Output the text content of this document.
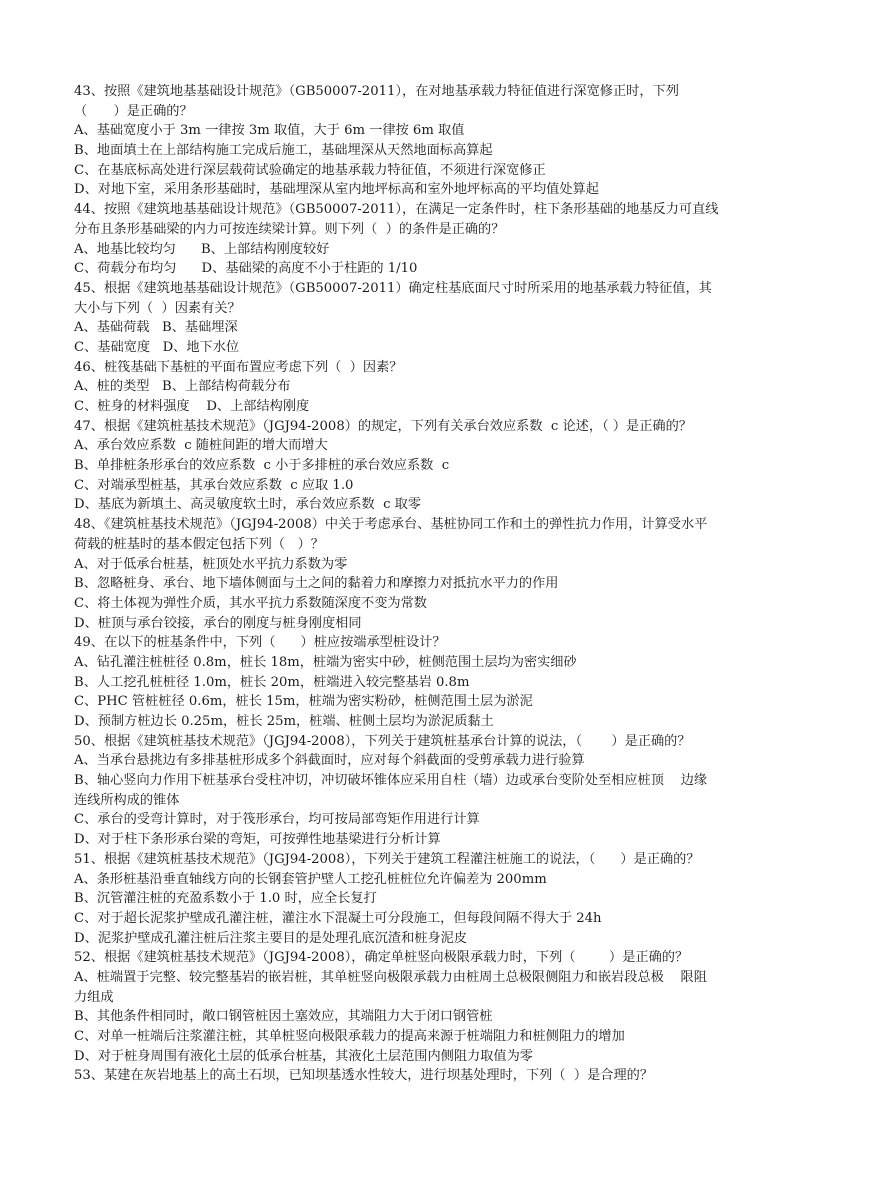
43、按照《建筑地基基础设计规范》（GB50007-2011），在对地基承载力特征值进行深宽修正时，下列
（　　）是正确的？
A、基础宽度小于 3m 一律按 3m 取值，大于 6m 一律按 6m 取值
B、地面填土在上部结构施工完成后施工，基础埋深从天然地面标高算起
C、在基底标高处进行深层载荷试验确定的地基承载力特征值，不须进行深宽修正
D、对地下室，采用条形基础时，基础埋深从室内地坪标高和室外地坪标高的平均值处算起
44、按照《建筑地基基础设计规范》（GB50007-2011），在满足一定条件时，柱下条形基础的地基反力可直线
分布且条形基础梁的内力可按连续梁计算。则下列（  ）的条件是正确的？
A、地基比较均匀      B、上部结构刚度较好
C、荷载分布均匀      D、基础梁的高度不小于柱距的 1/10
45、根据《建筑地基基础设计规范》（GB50007-2011）确定柱基底面尺寸时所采用的地基承载力特征值，其
大小与下列（  ）因素有关？
A、基础荷载   B、基础埋深
C、基础宽度   D、地下水位
46、桩筏基础下基桩的平面布置应考虑下列（  ）因素？
A、桩的类型   B、上部结构荷载分布
C、桩身的材料强度    D、上部结构刚度
47、根据《建筑桩基技术规范》（JGJ94-2008）的规定，下列有关承台效应系数  c 论述，（ ）是正确的？
A、承台效应系数  c 随桩间距的增大而增大
B、单排桩条形承台的效应系数  c 小于多排桩的承台效应系数  c
C、对端承型桩基，其承台效应系数  c 应取 1.0
D、基底为新填土、高灵敏度软土时，承台效应系数  c 取零
48、《建筑桩基技术规范》（JGJ94-2008）中关于考虑承台、基桩协同工作和土的弹性抗力作用，计算受水平
荷载的桩基时的基本假定包括下列（   ）？
A、对于低承台桩基，桩顶处水平抗力系数为零
B、忽略桩身、承台、地下墙体侧面与土之间的黏着力和摩擦力对抵抗水平力的作用
C、将土体视为弹性介质，其水平抗力系数随深度不变为常数
D、桩顶与承台铰接，承台的刚度与桩身刚度相同
49、在以下的桩基条件中，下列（      ）桩应按端承型桩设计？
A、钻孔灌注桩桩径 0.8m，桩长 18m，桩端为密实中砂，桩侧范围土层均为密实细砂
B、人工挖孔桩桩径 1.0m，桩长 20m，桩端进入较完整基岩 0.8m
C、PHC 管桩桩径 0.6m，桩长 15m，桩端为密实粉砂，桩侧范围土层为淤泥
D、预制方桩边长 0.25m，桩长 25m，桩端、桩侧土层均为淤泥质黏土
50、根据《建筑桩基技术规范》（JGJ94-2008），下列关于建筑桩基承台计算的说法，（       ）是正确的？
A、当承台悬挑边有多排基桩形成多个斜截面时，应对每个斜截面的受剪承载力进行验算
B、轴心竖向力作用下桩基承台受柱冲切，冲切破坏锥体应采用自柱（墙）边或承台变阶处至相应桩顶    边缘
连线所构成的锥体
C、承台的受弯计算时，对于筏形承台，均可按局部弯矩作用进行计算
D、对于柱下条形承台梁的弯矩，可按弹性地基梁进行分析计算
51、根据《建筑桩基技术规范》（JGJ94-2008），下列关于建筑工程灌注桩施工的说法，（      ）是正确的？
A、条形桩基沿垂直轴线方向的长钢套管护壁人工挖孔桩桩位允许偏差为 200mm
B、沉管灌注桩的充盈系数小于 1.0 时，应全长复打
C、对于超长泥浆护壁成孔灌注桩，灌注水下混凝土可分段施工，但每段间隔不得大于 24h
D、泥浆护壁成孔灌注桩后注浆主要目的是处理孔底沉渣和桩身泥皮
52、根据《建筑桩基技术规范》（JGJ94-2008），确定单桩竖向极限承载力时，下列（        ）是正确的？
A、桩端置于完整、较完整基岩的嵌岩桩，其单桩竖向极限承载力由桩周土总极限侧阻力和嵌岩段总极    限阻
力组成
B、其他条件相同时，敞口钢管桩因土塞效应，其端阻力大于闭口钢管桩
C、对单一桩端后注浆灌注桩，其单桩竖向极限承载力的提高来源于桩端阻力和桩侧阻力的增加
D、对于桩身周围有液化土层的低承台桩基，其液化土层范围内侧阻力取值为零
53、某建在灰岩地基上的高土石坝，已知坝基透水性较大，进行坝基处理时，下列（  ）是合理的？
